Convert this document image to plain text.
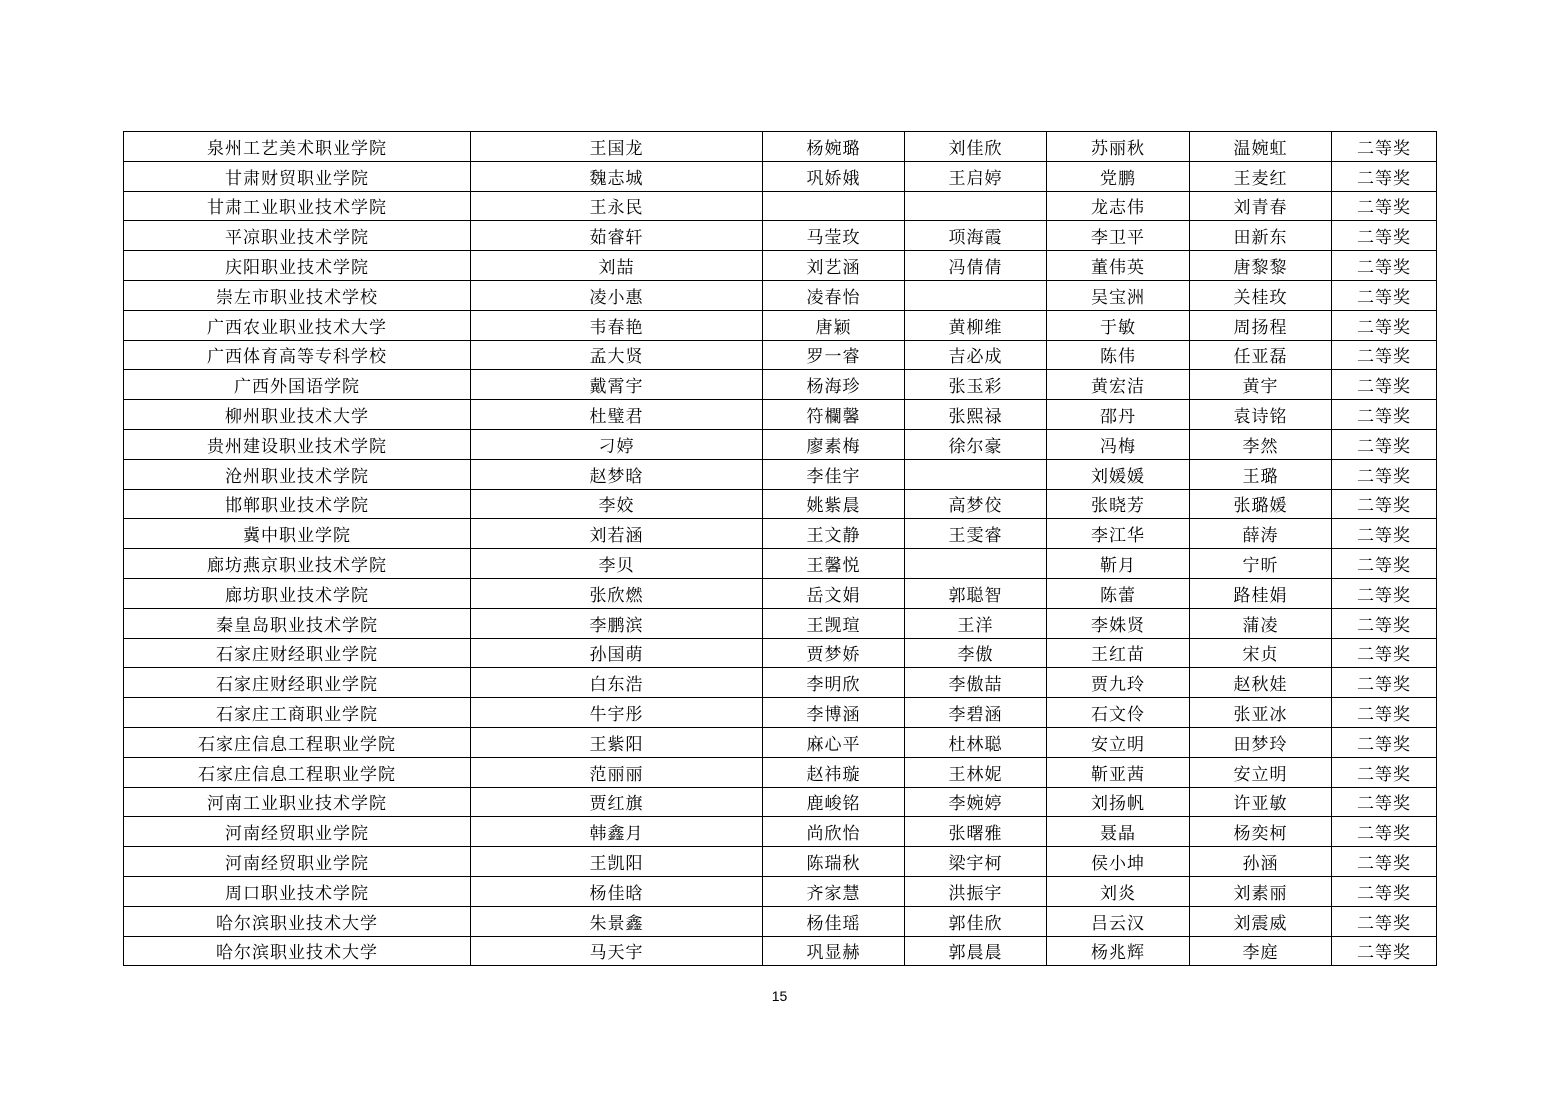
泉州工艺美术职业学院	王国龙	杨婉璐	刘佳欣	苏丽秋	温婉虹	二等奖
甘肃财贸职业学院	魏志城	巩娇娥	王启婷	党鹏	王麦红	二等奖
甘肃工业职业技术学院	王永民			龙志伟	刘青春	二等奖
平凉职业技术学院	茹睿轩	马莹玫	项海霞	李卫平	田新东	二等奖
庆阳职业技术学院	刘喆	刘艺涵	冯倩倩	董伟英	唐黎黎	二等奖
崇左市职业技术学校	凌小惠	凌春怡		吴宝洲	关桂玫	二等奖
广西农业职业技术大学	韦春艳	唐颖	黄柳维	于敏	周扬程	二等奖
广西体育高等专科学校	孟大贤	罗一睿	吉必成	陈伟	任亚磊	二等奖
广西外国语学院	戴霄宇	杨海珍	张玉彩	黄宏洁	黄宇	二等奖
柳州职业技术大学	杜璧君	符欄馨	张熙禄	邵丹	袁诗铭	二等奖
贵州建设职业技术学院	刁婷	廖素梅	徐尔豪	冯梅	李然	二等奖
沧州职业技术学院	赵梦晗	李佳宇		刘媛媛	王璐	二等奖
邯郸职业技术学院	李姣	姚紫晨	高梦佼	张晓芳	张璐媛	二等奖
冀中职业学院	刘若涵	王文静	王雯睿	李江华	薛涛	二等奖
廊坊燕京职业技术学院	李贝	王馨悦		靳月	宁昕	二等奖
廊坊职业技术学院	张欣燃	岳文娟	郭聪智	陈蕾	路桂娟	二等奖
秦皇岛职业技术学院	李鹏滨	王觊瑄	王洋	李姝贤	蒲凌	二等奖
石家庄财经职业学院	孙国萌	贾梦娇	李傲	王红苗	宋贞	二等奖
石家庄财经职业学院	白东浩	李明欣	李傲喆	贾九玲	赵秋娃	二等奖
石家庄工商职业学院	牛宇彤	李博涵	李碧涵	石文伶	张亚冰	二等奖
石家庄信息工程职业学院	王紫阳	麻心平	杜林聪	安立明	田梦玲	二等奖
石家庄信息工程职业学院	范丽丽	赵祎璇	王林妮	靳亚茜	安立明	二等奖
河南工业职业技术学院	贾红旗	鹿峻铭	李婉婷	刘扬帆	许亚敏	二等奖
河南经贸职业学院	韩鑫月	尚欣怡	张曙雅	聂晶	杨奕柯	二等奖
河南经贸职业学院	王凯阳	陈瑞秋	梁宇柯	侯小坤	孙涵	二等奖
周口职业技术学院	杨佳晗	齐家慧	洪振宇	刘炎	刘素丽	二等奖
哈尔滨职业技术大学	朱景鑫	杨佳瑶	郭佳欣	吕云汉	刘震威	二等奖
哈尔滨职业技术大学	马天宇	巩显赫	郭晨晨	杨兆辉	李庭	二等奖
15
